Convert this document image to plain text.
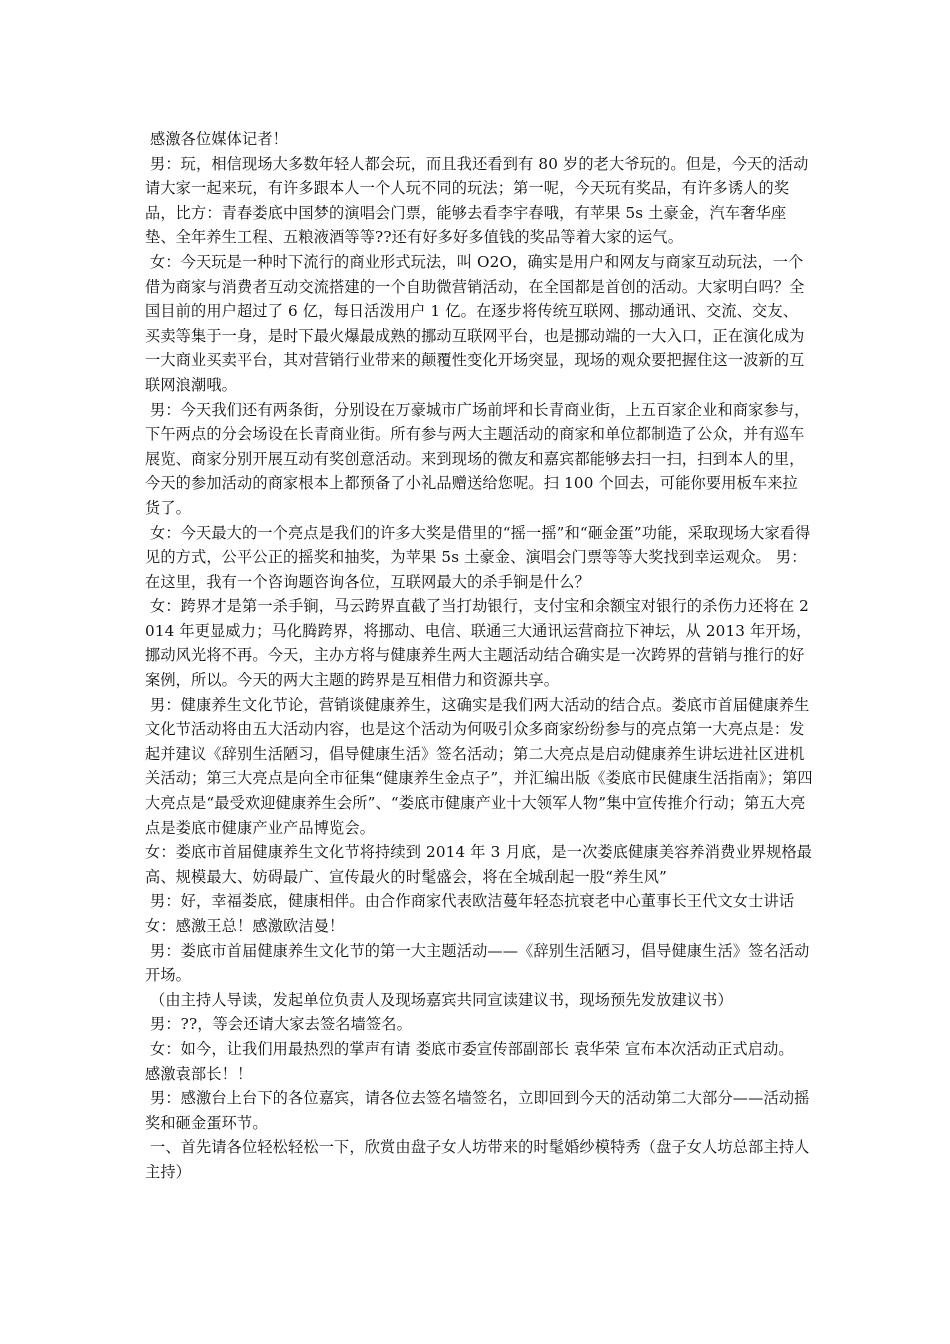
感激各位媒体记者！

男：玩，相信现场大多数年轻人都会玩，而且我还看到有 80 岁的老大爷玩的。但是，今天的活动请大家一起来玩，有许多跟本人一个人玩不同的玩法；第一呢，今天玩有奖品，有许多诱人的奖品，比方：青春娄底中国梦的演唱会门票，能够去看李宇春哦，有苹果 5s 土豪金，汽车奢华座垫、全年养生工程、五粮液酒等等??还有好多好多值钱的奖品等着大家的运气。

女：今天玩是一种时下流行的商业形式玩法，叫 O2O，确实是用户和网友与商家互动玩法，一个借为商家与消费者互动交流搭建的一个自助微营销活动，在全国都是首创的活动。大家明白吗？全国目前的用户超过了 6 亿，每日活泼用户 1 亿。在逐步将传统互联网、挪动通讯、交流、交友、买卖等集于一身，是时下最火爆最成熟的挪动互联网平台，也是挪动端的一大入口，正在演化成为一大商业买卖平台，其对营销行业带来的颠覆性变化开场突显，现场的观众要把握住这一波新的互联网浪潮哦。

男：今天我们还有两条街，分别设在万豪城市广场前坪和长青商业街，上五百家企业和商家参与，下午两点的分会场设在长青商业街。所有参与两大主题活动的商家和单位都制造了公众，并有巡车展览、商家分别开展互动有奖创意活动。来到现场的微友和嘉宾都能够去扫一扫，扫到本人的里，今天的参加活动的商家根本上都预备了小礼品赠送给您呢。扫 100 个回去，可能你要用板车来拉货了。

女：今天最大的一个亮点是我们的许多大奖是借里的“摇一摇”和“砸金蛋”功能，采取现场大家看得见的方式，公平公正的摇奖和抽奖，为苹果 5s 土豪金、演唱会门票等等大奖找到幸运观众。 男：在这里，我有一个咨询题咨询各位，互联网最大的杀手锏是什么？

女：跨界才是第一杀手锏，马云跨界直截了当打劫银行，支付宝和余额宝对银行的杀伤力还将在 2014 年更显威力；马化腾跨界，将挪动、电信、联通三大通讯运营商拉下神坛，从 2013 年开场，挪动风光将不再。今天，主办方将与健康养生两大主题活动结合确实是一次跨界的营销与推行的好案例，所以。今天的两大主题的跨界是互相借力和资源共享。

男：健康养生文化节论，营销谈健康养生，这确实是我们两大活动的结合点。娄底市首届健康养生文化节活动将由五大活动内容，也是这个活动为何吸引众多商家纷纷参与的亮点第一大亮点是：发起并建议《辞别生活陋习，倡导健康生活》签名活动；第二大亮点是启动健康养生讲坛进社区进机关活动；第三大亮点是向全市征集“健康养生金点子”，并汇编出版《娄底市民健康生活指南》；第四大亮点是“最受欢迎健康养生会所”、“娄底市健康产业十大领军人物”集中宣传推介行动；第五大亮点是娄底市健康产业产品博览会。

女：娄底市首届健康养生文化节将持续到 2014 年 3 月底，是一次娄底健康美容养消费业界规格最高、规模最大、妨碍最广、宣传最火的时髦盛会，将在全城刮起一股“养生风”

男：好，幸福娄底，健康相伴。由合作商家代表欧洁蔓年轻态抗衰老中心董事长王代文女士讲话  女：感激王总！感激欧洁曼！

男：娄底市首届健康养生文化节的第一大主题活动——《辞别生活陋习，倡导健康生活》签名活动开场。

（由主持人导读，发起单位负责人及现场嘉宾共同宣读建议书，现场预先发放建议书）

男：??，等会还请大家去签名墙签名。

女：如今，让我们用最热烈的掌声有请 娄底市委宣传部副部长 袁华荣 宣布本次活动正式启动。 感激袁部长！！

男：感激台上台下的各位嘉宾，请各位去签名墙签名，立即回到今天的活动第二大部分——活动摇奖和砸金蛋环节。

一、首先请各位轻松轻松一下，欣赏由盘子女人坊带来的时髦婚纱模特秀（盘子女人坊总部主持人主持）
